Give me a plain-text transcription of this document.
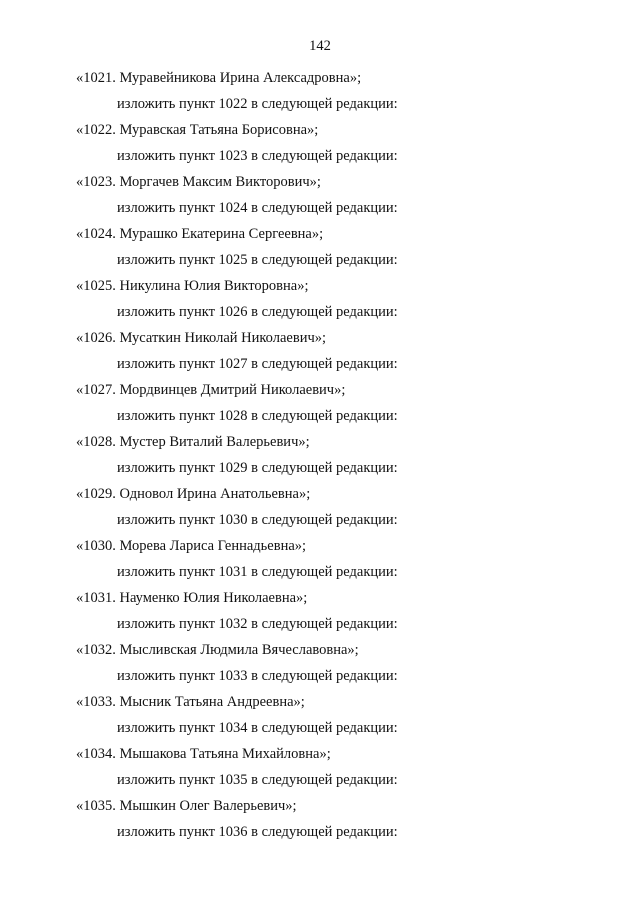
142
«1021. Муравейникова Ирина Алексадровна»;
изложить пункт 1022 в следующей редакции:
«1022. Муравская Татьяна Борисовна»;
изложить пункт 1023 в следующей редакции:
«1023. Моргачев Максим Викторович»;
изложить пункт 1024 в следующей редакции:
«1024. Мурашко Екатерина Сергеевна»;
изложить пункт 1025 в следующей редакции:
«1025. Никулина Юлия Викторовна»;
изложить пункт 1026 в следующей редакции:
«1026. Мусаткин Николай Николаевич»;
изложить пункт 1027 в следующей редакции:
«1027. Мордвинцев Дмитрий Николаевич»;
изложить пункт 1028 в следующей редакции:
«1028. Мустер Виталий Валерьевич»;
изложить пункт 1029 в следующей редакции:
«1029. Одновол Ирина Анатольевна»;
изложить пункт 1030 в следующей редакции:
«1030. Морева Лариса Геннадьевна»;
изложить пункт 1031 в следующей редакции:
«1031. Науменко Юлия Николаевна»;
изложить пункт 1032 в следующей редакции:
«1032. Мысливская Людмила Вячеславовна»;
изложить пункт 1033 в следующей редакции:
«1033. Мысник Татьяна Андреевна»;
изложить пункт 1034 в следующей редакции:
«1034. Мышакова Татьяна Михайловна»;
изложить пункт 1035 в следующей редакции:
«1035. Мышкин Олег Валерьевич»;
изложить пункт 1036 в следующей редакции:
